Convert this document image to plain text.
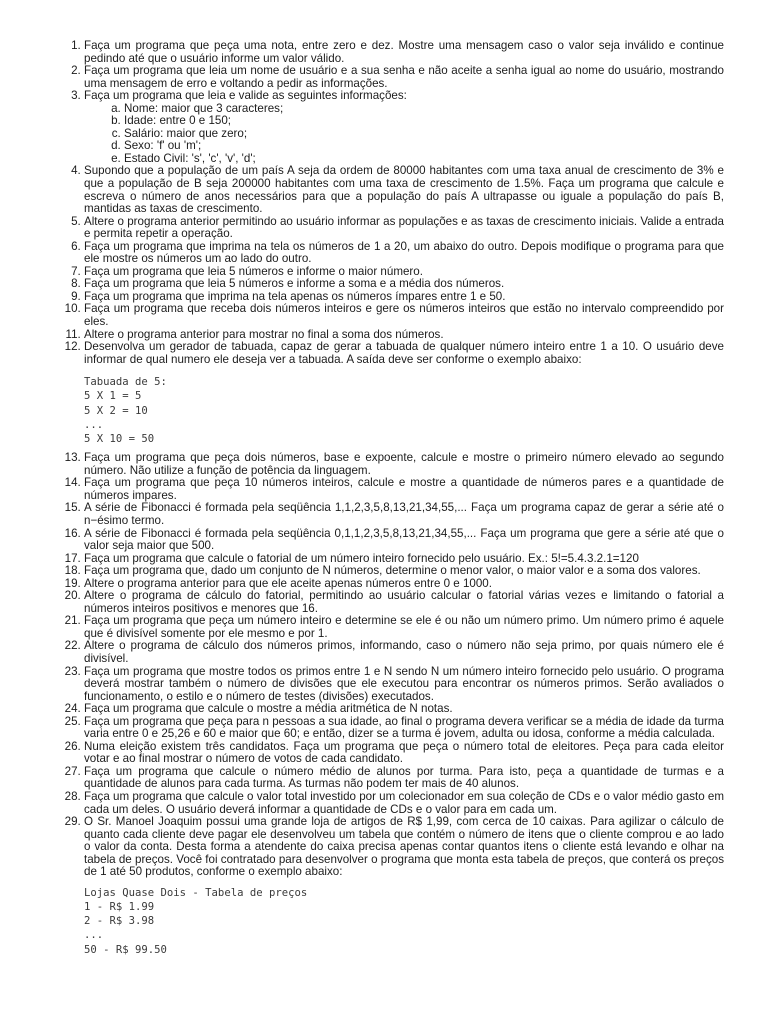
1. Faça um programa que peça uma nota, entre zero e dez. Mostre uma mensagem caso o valor seja inválido e continue pedindo até que o usuário informe um valor válido.
2. Faça um programa que leia um nome de usuário e a sua senha e não aceite a senha igual ao nome do usuário, mostrando uma mensagem de erro e voltando a pedir as informações.
3. Faça um programa que leia e valide as seguintes informações:
a. Nome: maior que 3 caracteres;
b. Idade: entre 0 e 150;
c. Salário: maior que zero;
d. Sexo: 'f' ou 'm';
e. Estado Civil: 's', 'c', 'v', 'd';
4. Supondo que a população de um país A seja da ordem de 80000 habitantes com uma taxa anual de crescimento de 3% e que a população de B seja 200000 habitantes com uma taxa de crescimento de 1.5%. Faça um programa que calcule e escreva o número de anos necessários para que a população do país A ultrapasse ou iguale a população do país B, mantidas as taxas de crescimento.
5. Altere o programa anterior permitindo ao usuário informar as populações e as taxas de crescimento iniciais. Valide a entrada e permita repetir a operação.
6. Faça um programa que imprima na tela os números de 1 a 20, um abaixo do outro. Depois modifique o programa para que ele mostre os números um ao lado do outro.
7. Faça um programa que leia 5 números e informe o maior número.
8. Faça um programa que leia 5 números e informe a soma e a média dos números.
9. Faça um programa que imprima na tela apenas os números ímpares entre 1 e 50.
10. Faça um programa que receba dois números inteiros e gere os números inteiros que estão no intervalo compreendido por eles.
11. Altere o programa anterior para mostrar no final a soma dos números.
12. Desenvolva um gerador de tabuada, capaz de gerar a tabuada de qualquer número inteiro entre 1 a 10. O usuário deve informar de qual numero ele deseja ver a tabuada. A saída deve ser conforme o exemplo abaixo:
Tabuada de 5:
5 X 1 = 5
5 X 2 = 10
...
5 X 10 = 50
13. Faça um programa que peça dois números, base e expoente, calcule e mostre o primeiro número elevado ao segundo número. Não utilize a função de potência da linguagem.
14. Faça um programa que peça 10 números inteiros, calcule e mostre a quantidade de números pares e a quantidade de números impares.
15. A série de Fibonacci é formada pela seqüência 1,1,2,3,5,8,13,21,34,55,... Faça um programa capaz de gerar a série até o n−ésimo termo.
16. A série de Fibonacci é formada pela seqüência 0,1,1,2,3,5,8,13,21,34,55,... Faça um programa que gere a série até que o valor seja maior que 500.
17. Faça um programa que calcule o fatorial de um número inteiro fornecido pelo usuário. Ex.: 5!=5.4.3.2.1=120
18. Faça um programa que, dado um conjunto de N números, determine o menor valor, o maior valor e a soma dos valores.
19. Altere o programa anterior para que ele aceite apenas números entre 0 e 1000.
20. Altere o programa de cálculo do fatorial, permitindo ao usuário calcular o fatorial várias vezes e limitando o fatorial a números inteiros positivos e menores que 16.
21. Faça um programa que peça um número inteiro e determine se ele é ou não um número primo. Um número primo é aquele que é divisível somente por ele mesmo e por 1.
22. Altere o programa de cálculo dos números primos, informando, caso o número não seja primo, por quais número ele é divisível.
23. Faça um programa que mostre todos os primos entre 1 e N sendo N um número inteiro fornecido pelo usuário. O programa deverá mostrar também o número de divisões que ele executou para encontrar os números primos. Serão avaliados o funcionamento, o estilo e o número de testes (divisões) executados.
24. Faça um programa que calcule o mostre a média aritmética de N notas.
25. Faça um programa que peça para n pessoas a sua idade, ao final o programa devera verificar se a média de idade da turma varia entre 0 e 25,26 e 60 e maior que 60; e então, dizer se a turma é jovem, adulta ou idosa, conforme a média calculada.
26. Numa eleição existem três candidatos. Faça um programa que peça o número total de eleitores. Peça para cada eleitor votar e ao final mostrar o número de votos de cada candidato.
27. Faça um programa que calcule o número médio de alunos por turma. Para isto, peça a quantidade de turmas e a quantidade de alunos para cada turma. As turmas não podem ter mais de 40 alunos.
28. Faça um programa que calcule o valor total investido por um colecionador em sua coleção de CDs e o valor médio gasto em cada um deles. O usuário deverá informar a quantidade de CDs e o valor para em cada um.
29. O Sr. Manoel Joaquim possui uma grande loja de artigos de R$ 1,99, com cerca de 10 caixas. Para agilizar o cálculo de quanto cada cliente deve pagar ele desenvolveu um tabela que contém o número de itens que o cliente comprou e ao lado o valor da conta. Desta forma a atendente do caixa precisa apenas contar quantos itens o cliente está levando e olhar na tabela de preços. Você foi contratado para desenvolver o programa que monta esta tabela de preços, que conterá os preços de 1 até 50 produtos, conforme o exemplo abaixo:
Lojas Quase Dois - Tabela de preços
1 - R$ 1.99
2 - R$ 3.98
...
50 - R$ 99.50
